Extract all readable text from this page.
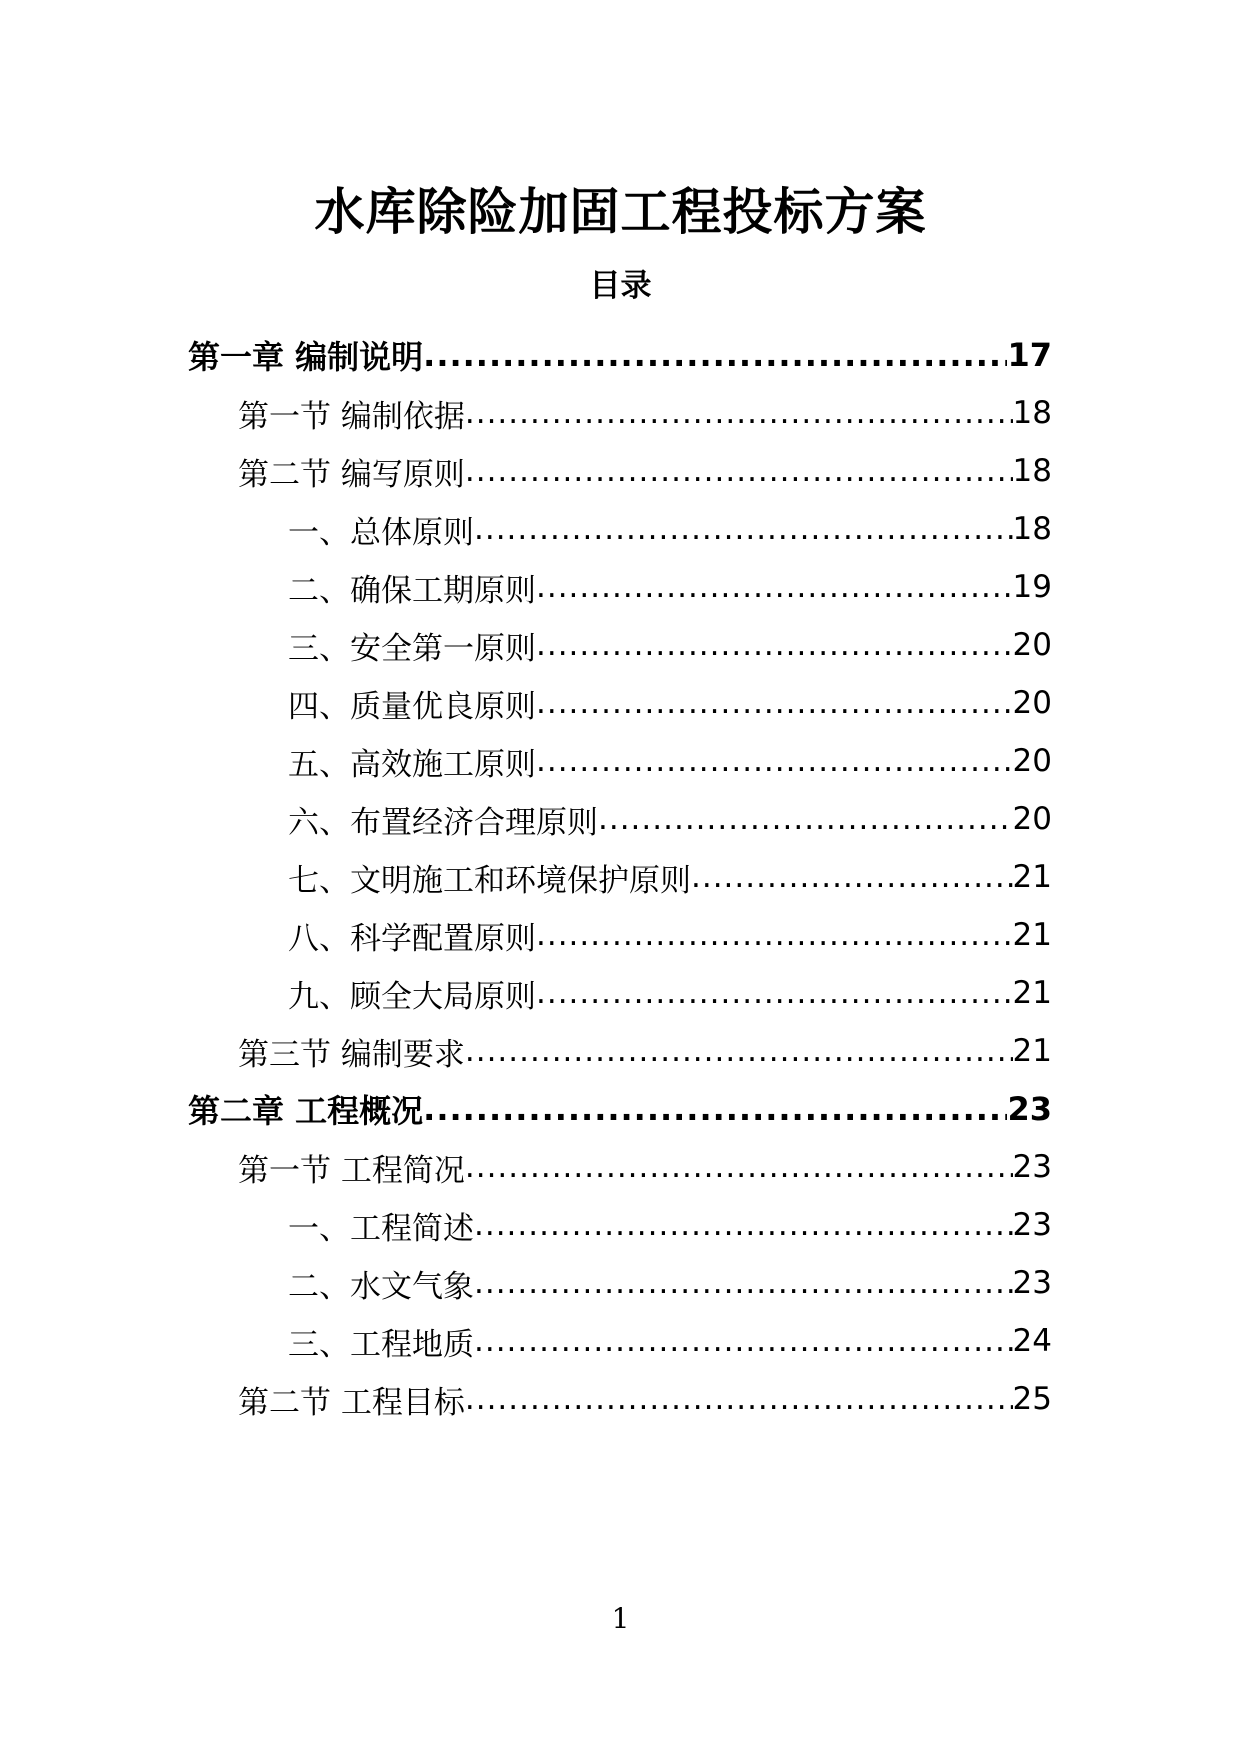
水库除险加固工程投标方案
目录
第一章 编制说明 .....	17
第一节 编制依据 .....	18
第二节 编写原则 .....	18
一、总体原则 .....	18
二、确保工期原则 .....	19
三、安全第一原则 .....	20
四、质量优良原则 .....	20
五、高效施工原则 .....	20
六、布置经济合理原则 .....	20
七、文明施工和环境保护原则 .....	21
八、科学配置原则 .....	21
九、顾全大局原则 .....	21
第三节 编制要求 .....	21
第二章 工程概况 .....	23
第一节 工程简况 .....	23
一、工程简述 .....	23
二、水文气象 .....	23
三、工程地质 .....	24
第二节 工程目标 .....	25
1
